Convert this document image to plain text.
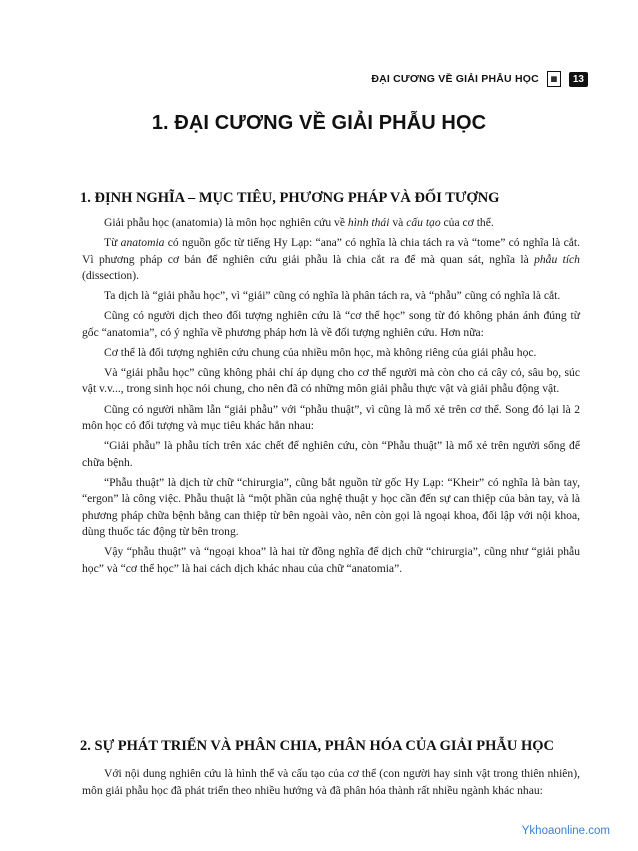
ĐẠI CƯƠNG VỀ GIẢI PHẪU HỌC	▦	13
1. ĐẠI CƯƠNG VỀ GIẢI PHẪU HỌC
1. ĐỊNH NGHĨA – MỤC TIÊU, PHƯƠNG PHÁP VÀ ĐỐI TƯỢNG

Giải phẫu học (anatomia) là môn học nghiên cứu về hình thái và cấu tạo của cơ thể.

Từ anatomia có nguồn gốc từ tiếng Hy Lạp: “ana” có nghĩa là chia tách ra và “tome” có nghĩa là cắt. Vì phương pháp cơ bản để nghiên cứu giải phẫu là chia cắt ra để mà quan sát, nghĩa là phẫu tích (dissection).

Ta dịch là “giải phẫu học”, vì “giải” cũng có nghĩa là phân tách ra, và “phẫu” cũng có nghĩa là cắt.

Cũng có người dịch theo đối tượng nghiên cứu là “cơ thể học” song từ đó không phản ánh đúng từ gốc “anatomia”, có ý nghĩa về phương pháp hơn là về đối tượng nghiên cứu. Hơn nữa:

Cơ thể là đối tượng nghiên cứu chung của nhiều môn học, mà không riêng của giải phẫu học.

Và “giải phẫu học” cũng không phải chỉ áp dụng cho cơ thể người mà còn cho cả cây cỏ, sâu bọ, súc vật v.v..., trong sinh học nói chung, cho nên đã có những môn giải phẫu thực vật và giải phẫu động vật.

Cũng có người nhầm lẫn “giải phẫu” với “phẫu thuật”, vì cũng là mổ xẻ trên cơ thể. Song đó lại là 2 môn học có đối tượng và mục tiêu khác hẳn nhau:

“Giải phẫu” là phẫu tích trên xác chết để nghiên cứu, còn “Phẫu thuật” là mổ xẻ trên người sống để chữa bệnh.

“Phẫu thuật” là dịch từ chữ “chirurgia”, cũng bắt nguồn từ gốc Hy Lạp: “Kheir” có nghĩa là bàn tay, “ergon” là công việc. Phẫu thuật là “một phần của nghệ thuật y học cần đến sự can thiệp của bàn tay, và là phương pháp chữa bệnh bằng can thiệp từ bên ngoài vào, nên còn gọi là ngoại khoa, đối lập với nội khoa, dùng thuốc tác động từ bên trong.

Vậy “phẫu thuật” và “ngoại khoa” là hai từ đồng nghĩa để dịch chữ “chirurgia”, cũng như “giải phẫu học” và “cơ thể học” là hai cách dịch khác nhau của chữ “anatomia”.

2. SỰ PHÁT TRIỂN VÀ PHÂN CHIA, PHÂN HÓA CỦA GIẢI PHẪU HỌC

Với nội dung nghiên cứu là hình thể và cấu tạo của cơ thể (con người hay sinh vật trong thiên nhiên), môn giải phẫu học đã phát triển theo nhiều hướng và đã phân hóa thành rất nhiều ngành khác nhau:

Ykhoaonline.com
